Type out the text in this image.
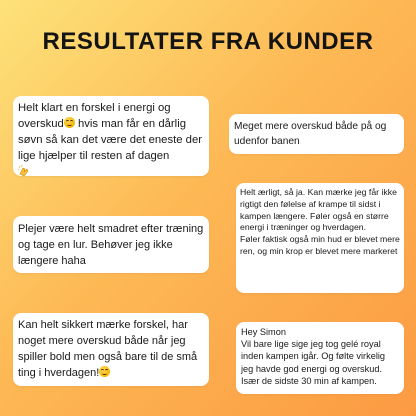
RESULTATER FRA KUNDER
Helt klart en forskel i energi og overskud
hvis man får en dårlig søvn så kan det være det eneste der lige hjælper til resten af dagen

Meget mere overskud både på og udenfor banen
Helt ærligt, så ja. Kan mærke jeg får ikke rigtigt den følelse af krampe til sidst i kampen længere. Føler også en større energi i træninger og hverdagen.
Føler faktisk også min hud er blevet mere ren, og min krop er blevet mere markeret
Plejer være helt smadret efter træning og tage en lur. Behøver jeg ikke længere haha
Kan helt sikkert mærke forskel, har noget mere overskud både når jeg spiller bold men også bare til de små ting i hverdagen!
Hey Simon
Vil bare lige sige jeg tog gelé royal inden kampen igår. Og følte virkelig jeg havde god energi og overskud. Især de sidste 30 min af kampen.
